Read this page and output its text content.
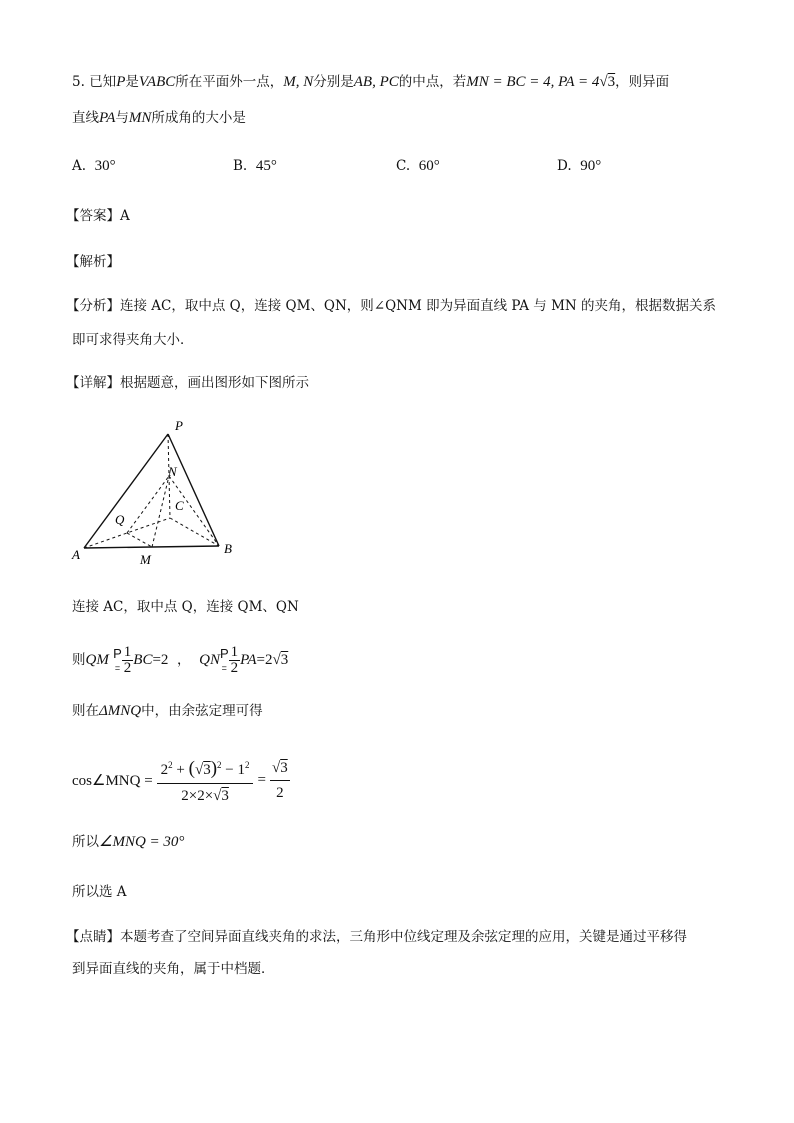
5. 已知P是VABC所在平面外一点，M, N分别是AB, PC的中点，若MN = BC = 4, PA = 4√3，则异面
直线PA与MN所成角的大小是
A. 30°	B. 45°	C. 60°	D. 90°
【答案】A
【解析】
【分析】连接 AC，取中点 Q，连接 QM、QN，则∠QNM 即为异面直线 PA 与 MN 的夹角，根据数据关系
即可求得夹角大小．
【详解】根据题意，画出图形如下图所示
P
N
C
Q
A	M
B
连接 AC，取中点 Q，连接 QM、QN
则QM P
= $\frac{1}{2} BC=2$  ，  QN P
= $\frac{1}{2} PA=2√3$
则在ΔMNQ中，由余弦定理可得
cos∠MNQ = $\frac{2^2 + (√3)^2 - 1^2}{2\times 2\times√3} = \frac{√3}{2}$
所以∠MNQ = 30°
所以选 A
【点睛】本题考查了空间异面直线夹角的求法，三角形中位线定理及余弦定理的应用，关键是通过平移得
到异面直线的夹角，属于中档题．
